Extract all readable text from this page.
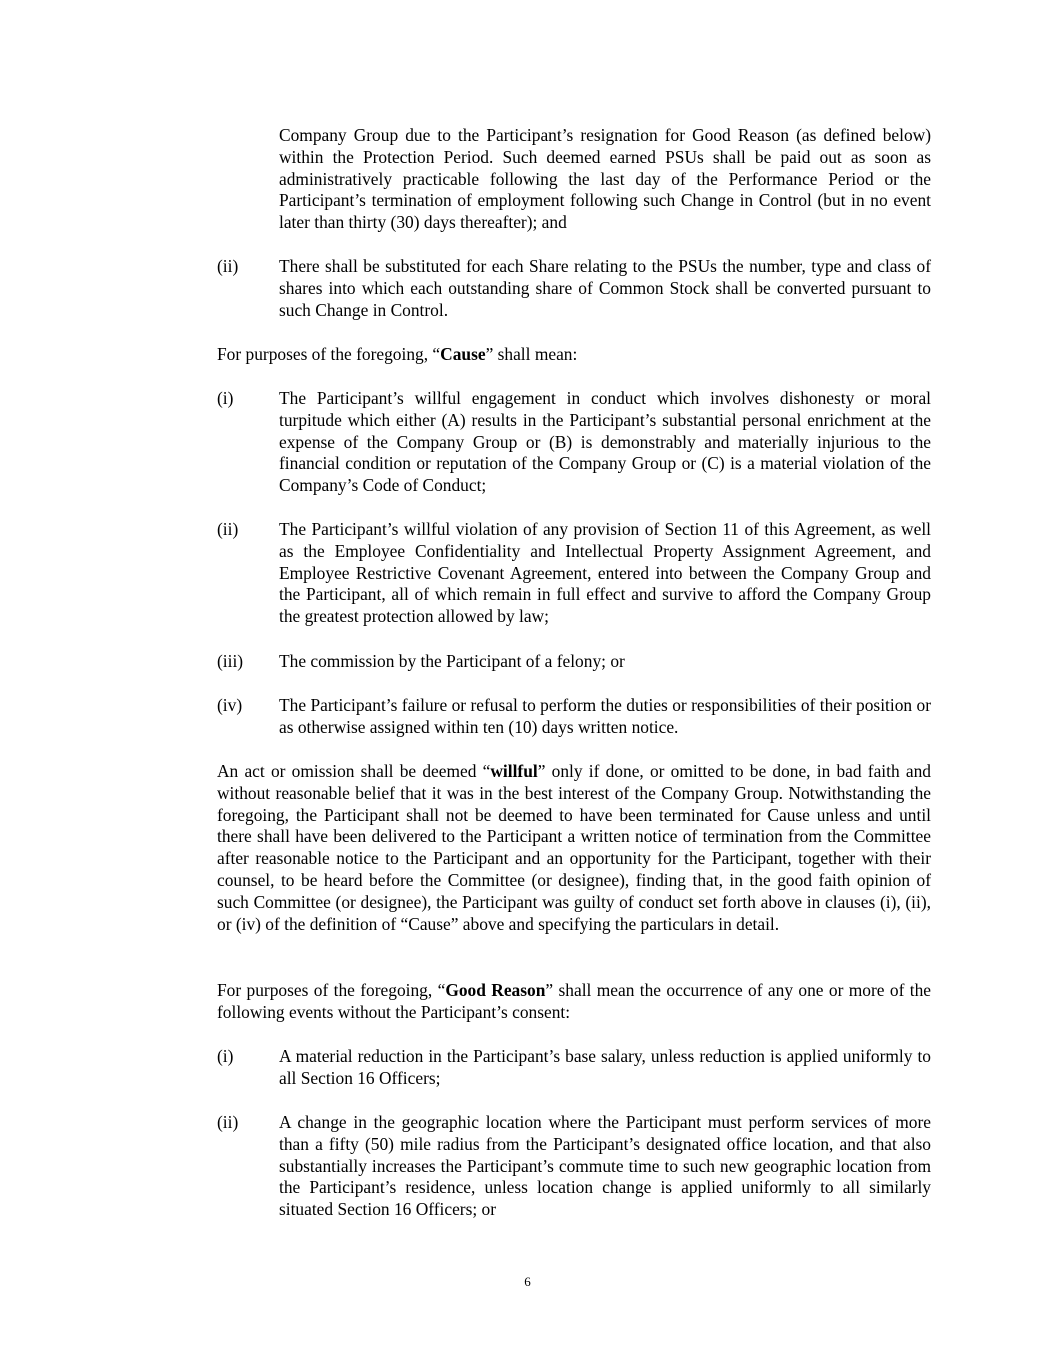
Company Group due to the Participant’s resignation for Good Reason (as defined below) within the Protection Period. Such deemed earned PSUs shall be paid out as soon as administratively practicable following the last day of the Performance Period or the Participant’s termination of employment following such Change in Control (but in no event later than thirty (30) days thereafter); and

(ii)	There shall be substituted for each Share relating to the PSUs the number, type and class of shares into which each outstanding share of Common Stock shall be converted pursuant to such Change in Control.

For purposes of the foregoing, “Cause” shall mean:

(i)	The Participant’s willful engagement in conduct which involves dishonesty or moral turpitude which either (A) results in the Participant’s substantial personal enrichment at the expense of the Company Group or (B) is demonstrably and materially injurious to the financial condition or reputation of the Company Group or (C) is a material violation of the Company’s Code of Conduct;

(ii)	The Participant’s willful violation of any provision of Section 11 of this Agreement, as well as the Employee Confidentiality and Intellectual Property Assignment Agreement, and Employee Restrictive Covenant Agreement, entered into between the Company Group and the Participant, all of which remain in full effect and survive to afford the Company Group the greatest protection allowed by law;

(iii)	The commission by the Participant of a felony; or

(iv)	The Participant’s failure or refusal to perform the duties or responsibilities of their position or as otherwise assigned within ten (10) days written notice.

An act or omission shall be deemed “willful” only if done, or omitted to be done, in bad faith and without reasonable belief that it was in the best interest of the Company Group. Notwithstanding the foregoing, the Participant shall not be deemed to have been terminated for Cause unless and until there shall have been delivered to the Participant a written notice of termination from the Committee after reasonable notice to the Participant and an opportunity for the Participant, together with their counsel, to be heard before the Committee (or designee), finding that, in the good faith opinion of such Committee (or designee), the Participant was guilty of conduct set forth above in clauses (i), (ii), or (iv) of the definition of “Cause” above and specifying the particulars in detail.

For purposes of the foregoing, “Good Reason” shall mean the occurrence of any one or more of the following events without the Participant’s consent:

(i)	A material reduction in the Participant’s base salary, unless reduction is applied uniformly to all Section 16 Officers;

(ii)	A change in the geographic location where the Participant must perform services of more than a fifty (50) mile radius from the Participant’s designated office location, and that also substantially increases the Participant’s commute time to such new geographic location from the Participant’s residence, unless location change is applied uniformly to all similarly situated Section 16 Officers; or

6
